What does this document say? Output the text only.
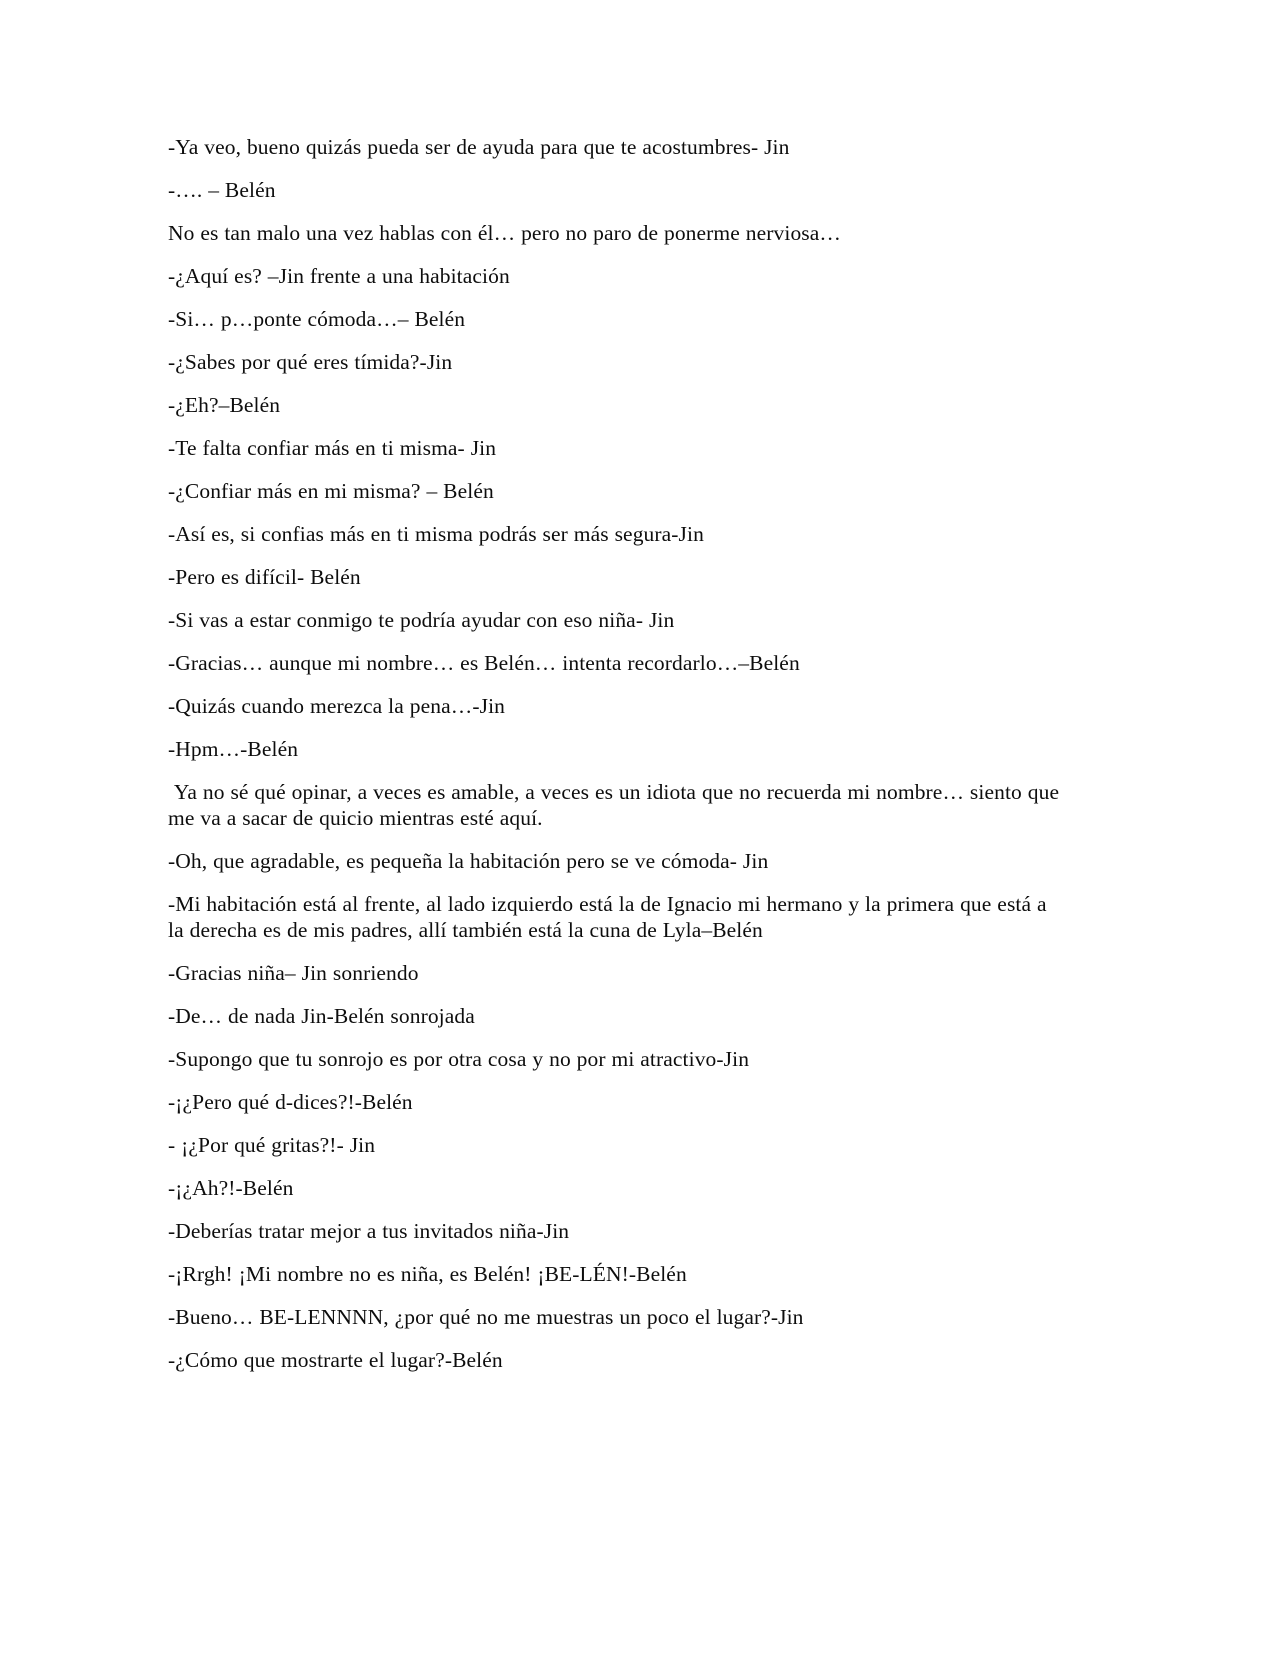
-Ya veo, bueno quizás pueda ser de ayuda para que te acostumbres- Jin

-…. – Belén

No es tan malo una vez hablas con él… pero no paro de ponerme nerviosa…

-¿Aquí es? –Jin frente a una habitación

-Si… p…ponte cómoda…– Belén

-¿Sabes por qué eres tímida?-Jin

-¿Eh?–Belén

-Te falta confiar más en ti misma- Jin

-¿Confiar más en mi misma? – Belén

-Así es, si confias más en ti misma podrás ser más segura-Jin

-Pero es difícil- Belén

-Si vas a estar conmigo te podría ayudar con eso niña- Jin

-Gracias… aunque mi nombre… es Belén… intenta recordarlo…–Belén

-Quizás cuando merezca la pena…-Jin

-Hpm…-Belén

Ya no sé qué opinar, a veces es amable, a veces es un idiota que no recuerda mi nombre… siento que me va a sacar de quicio mientras esté aquí.

-Oh, que agradable, es pequeña la habitación pero se ve cómoda- Jin

-Mi habitación está al frente, al lado izquierdo está la de Ignacio mi hermano y la primera que está a la derecha es de mis padres, allí también está la cuna de Lyla–Belén

-Gracias niña– Jin sonriendo

-De… de nada Jin-Belén sonrojada

-Supongo que tu sonrojo es por otra cosa y no por mi atractivo-Jin

-¡¿Pero qué d-dices?!-Belén

- ¡¿Por qué gritas?!- Jin

-¡¿Ah?!-Belén

-Deberías tratar mejor a tus invitados niña-Jin

-¡Rrgh! ¡Mi nombre no es niña, es Belén! ¡BE-LÉN!-Belén

-Bueno… BE-LENNNN, ¿por qué no me muestras un poco el lugar?-Jin

-¿Cómo que mostrarte el lugar?-Belén
